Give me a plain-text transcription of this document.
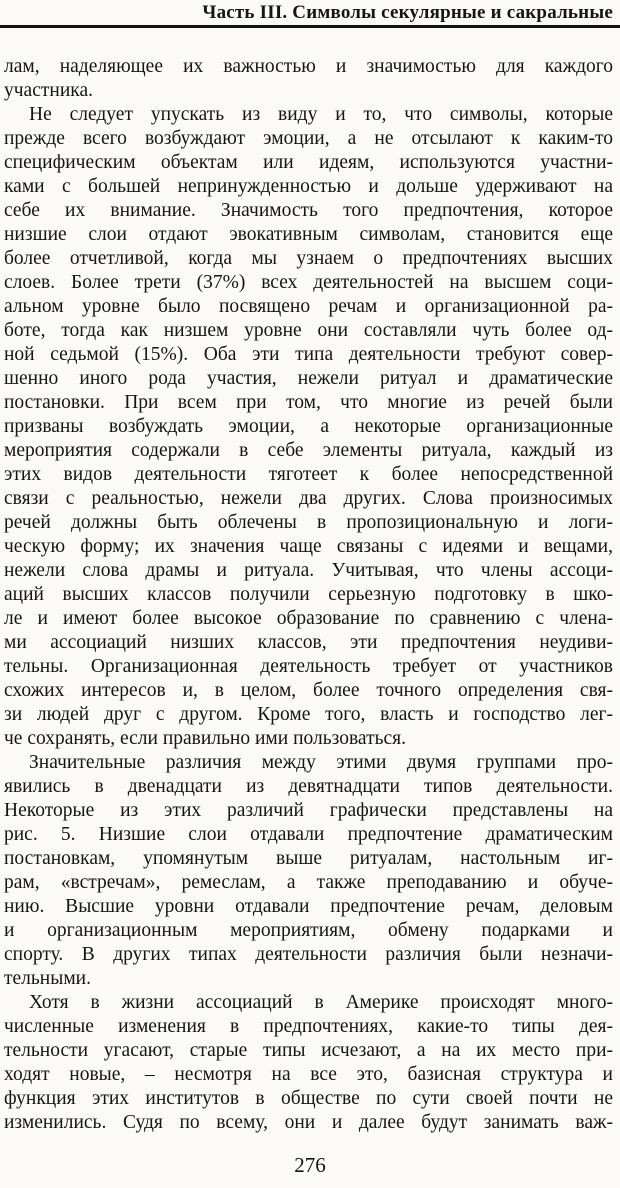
Часть III. Символы секулярные и сакральные
лам, наделяющее их важностью и значимостью для каждого
участника.
Не следует упускать из виду и то, что символы, которые
прежде всего возбуждают эмоции, а не отсылают к каким-то
специфическим объектам или идеям, используются участни-
ками с большей непринужденностью и дольше удерживают на
себе их внимание. Значимость того предпочтения, которое
низшие слои отдают эвокативным символам, становится еще
более отчетливой, когда мы узнаем о предпочтениях высших
слоев. Более трети (37%) всех деятельностей на высшем соци-
альном уровне было посвящено речам и организационной ра-
боте, тогда как низшем уровне они составляли чуть более од-
ной седьмой (15%). Оба эти типа деятельности требуют совер-
шенно иного рода участия, нежели ритуал и драматические
постановки. При всем при том, что многие из речей были
призваны возбуждать эмоции, а некоторые организационные
мероприятия содержали в себе элементы ритуала, каждый из
этих видов деятельности тяготеет к более непосредственной
связи с реальностью, нежели два других. Слова произносимых
речей должны быть облечены в пропозициональную и логи-
ческую форму; их значения чаще связаны с идеями и вещами,
нежели слова драмы и ритуала. Учитывая, что члены ассоци-
аций высших классов получили серьезную подготовку в шко-
ле и имеют более высокое образование по сравнению с члена-
ми ассоциаций низших классов, эти предпочтения неудиви-
тельны. Организационная деятельность требует от участников
схожих интересов и, в целом, более точного определения свя-
зи людей друг с другом. Кроме того, власть и господство лег-
че сохранять, если правильно ими пользоваться.
Значительные различия между этими двумя группами про-
явились в двенадцати из девятнадцати типов деятельности.
Некоторые из этих различий графически представлены на
рис. 5. Низшие слои отдавали предпочтение драматическим
постановкам, упомянутым выше ритуалам, настольным иг-
рам, «встречам», ремеслам, а также преподаванию и обуче-
нию. Высшие уровни отдавали предпочтение речам, деловым
и организационным мероприятиям, обмену подарками и
спорту. В других типах деятельности различия были незначи-
тельными.
Хотя в жизни ассоциаций в Америке происходят много-
численные изменения в предпочтениях, какие-то типы дея-
тельности угасают, старые типы исчезают, а на их место при-
ходят новые, – несмотря на все это, базисная структура и
функция этих институтов в обществе по сути своей почти не
изменились. Судя по всему, они и далее будут занимать важ-
276
